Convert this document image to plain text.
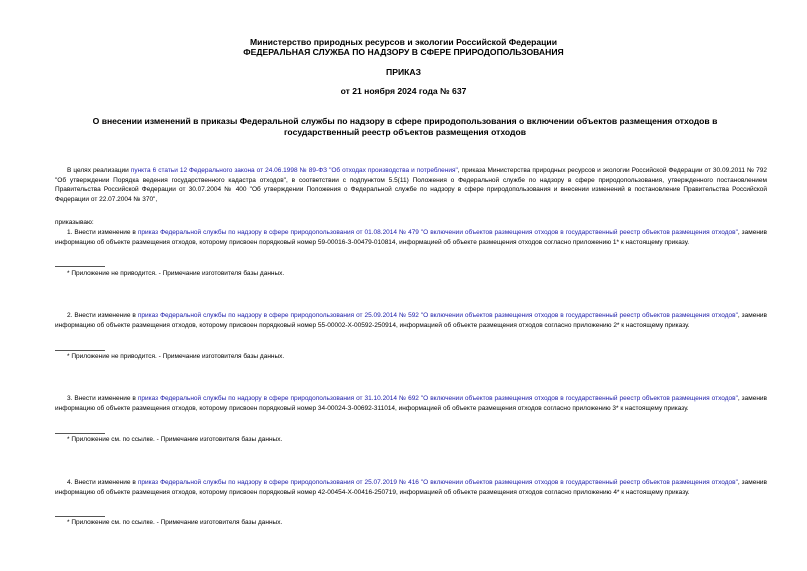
Министерство природных ресурсов и экологии Российской Федерации
ФЕДЕРАЛЬНАЯ СЛУЖБА ПО НАДЗОРУ В СФЕРЕ ПРИРОДОПОЛЬЗОВАНИЯ
ПРИКАЗ
от 21 ноября 2024 года № 637
О внесении изменений в приказы Федеральной службы по надзору в сфере природопользования о включении объектов размещения отходов в государственный реестр объектов размещения отходов
В целях реализации пункта 6 статьи 12 Федерального закона от 24.06.1998 № 89-ФЗ "Об отходах производства и потребления", приказа Министерства природных ресурсов и экологии Российской Федерации от 30.09.2011 № 792 "Об утверждении Порядка ведения государственного кадастра отходов", в соответствии с подпунктом 5.5(11) Положения о Федеральной службе по надзору в сфере природопользования, утвержденного постановлением Правительства Российской Федерации от 30.07.2004 № 400 "Об утверждении Положения о Федеральной службе по надзору в сфере природопользования и внесении изменений в постановление Правительства Российской Федерации от 22.07.2004 № 370",
приказываю:
1. Внести изменение в приказ Федеральной службы по надзору в сфере природопользования от 01.08.2014 № 479 "О включении объектов размещения отходов в государственный реестр объектов размещения отходов", заменив информацию об объекте размещения отходов, которому присвоен порядковый номер 59-00016-З-00479-010814, информацией об объекте размещения отходов согласно приложению 1* к настоящему приказу.
* Приложение не приводится. - Примечание изготовителя базы данных.
2. Внести изменение в приказ Федеральной службы по надзору в сфере природопользования от 25.09.2014 № 592 "О включении объектов размещения отходов в государственный реестр объектов размещения отходов", заменив информацию об объекте размещения отходов, которому присвоен порядковый номер 55-00002-Х-00592-250914, информацией об объекте размещения отходов согласно приложению 2* к настоящему приказу.
* Приложение не приводится. - Примечание изготовителя базы данных.
3. Внести изменение в приказ Федеральной службы по надзору в сфере природопользования от 31.10.2014 № 692 "О включении объектов размещения отходов в государственный реестр объектов размещения отходов", заменив информацию об объекте размещения отходов, которому присвоен порядковый номер 34-00024-З-00692-311014, информацией об объекте размещения отходов согласно приложению 3* к настоящему приказу.
* Приложение см. по ссылке. - Примечание изготовителя базы данных.
4. Внести изменение в приказ Федеральной службы по надзору в сфере природопользования от 25.07.2019 № 416 "О включении объектов размещения отходов в государственный реестр объектов размещения отходов", заменив информацию об объекте размещения отходов, которому присвоен порядковый номер 42-00454-Х-00416-250719, информацией об объекте размещения отходов согласно приложению 4* к настоящему приказу.
* Приложение см. по ссылке. - Примечание изготовителя базы данных.
